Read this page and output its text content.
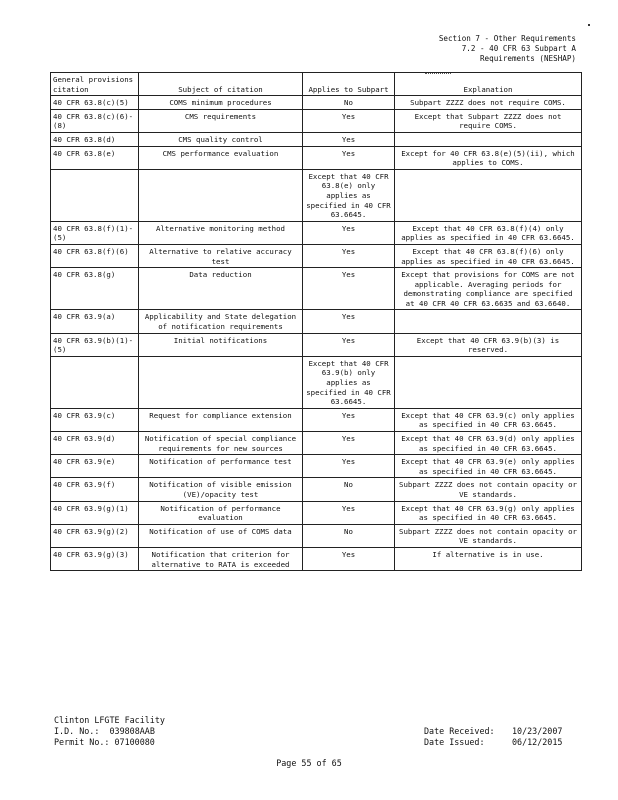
Section 7 - Other Requirements
7.2 - 40 CFR 63 Subpart A
Requirements (NESHAP)
General provisions citation	Subject of citation	Applies to Subpart	Explanation
40 CFR 63.8(c)(5)	COMS minimum procedures	No	Subpart ZZZZ does not require COMS.
40 CFR 63.8(c)(6)-(8)	CMS requirements	Yes	Except that Subpart ZZZZ does not require COMS.
40 CFR 63.8(d)	CMS quality control	Yes	
40 CFR 63.8(e)	CMS performance evaluation	Yes	Except for 40 CFR 63.8(e)(5)(ii), which applies to COMS.
		Except that 40 CFR 63.8(e) only applies as specified in 40 CFR 63.6645.	
40 CFR 63.8(f)(1)-(5)	Alternative monitoring method	Yes	Except that 40 CFR 63.8(f)(4) only applies as specified in 40 CFR 63.6645.
40 CFR 63.8(f)(6)	Alternative to relative accuracy test	Yes	Except that 40 CFR 63.8(f)(6) only applies as specified in 40 CFR 63.6645.
40 CFR 63.8(g)	Data reduction	Yes	Except that provisions for COMS are not applicable. Averaging periods for demonstrating compliance are specified at 40 CFR 40 CFR 63.6635 and 63.6640.
40 CFR 63.9(a)	Applicability and State delegation of notification requirements	Yes	
40 CFR 63.9(b)(1)-(5)	Initial notifications	Yes	Except that 40 CFR 63.9(b)(3) is reserved.
		Except that 40 CFR 63.9(b) only applies as specified in 40 CFR 63.6645.	
40 CFR 63.9(c)	Request for compliance extension	Yes	Except that 40 CFR 63.9(c) only applies as specified in 40 CFR 63.6645.
40 CFR 63.9(d)	Notification of special compliance requirements for new sources	Yes	Except that 40 CFR 63.9(d) only applies as specified in 40 CFR 63.6645.
40 CFR 63.9(e)	Notification of performance test	Yes	Except that 40 CFR 63.9(e) only applies as specified in 40 CFR 63.6645.
40 CFR 63.9(f)	Notification of visible emission (VE)/opacity test	No	Subpart ZZZZ does not contain opacity or VE standards.
40 CFR 63.9(g)(1)	Notification of performance evaluation	Yes	Except that 40 CFR 63.9(g) only applies as specified in 40 CFR 63.6645.
40 CFR 63.9(g)(2)	Notification of use of COMS data	No	Subpart ZZZZ does not contain opacity or VE standards.
40 CFR 63.9(g)(3)	Notification that criterion for alternative to RATA is exceeded	Yes	If alternative is in use.
Clinton LFGTE Facility
I.D. No.: 039808AAB
Permit No.: 07100080
Date Received: 10/23/2007
Date Issued:	06/12/2015
Page 55 of 65
